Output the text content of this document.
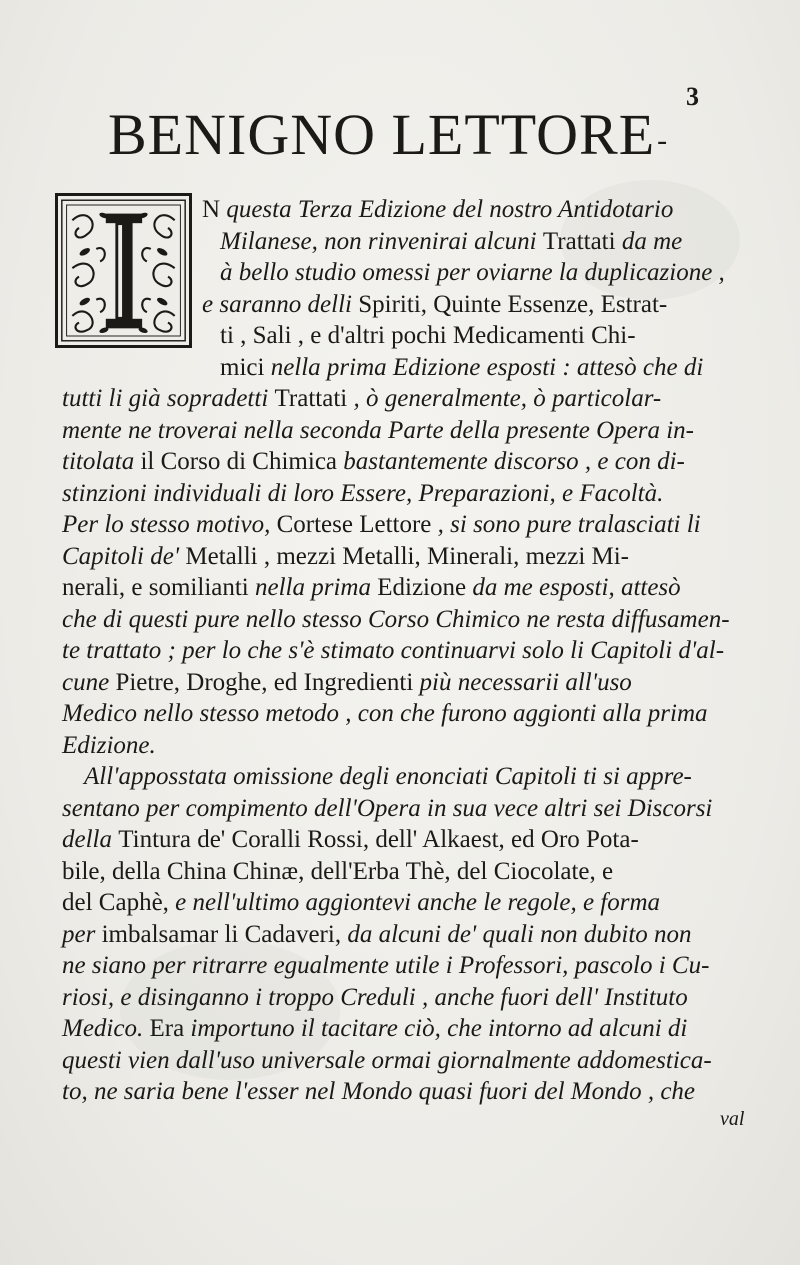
3
BENIGNO LETTORE-
N questa Terza Edizione del nostro Antidotario
Milanese, non rinvenirai alcuni Trattati da me
à bello studio omessi per oviarne la duplicazione ,
e saranno delli Spiriti, Quinte Essenze, Estrat-
ti , Sali , e d'altri pochi Medicamenti Chi-
mici nella prima Edizione esposti : attesò che di
tutti li già sopradetti Trattati , ò generalmente, ò particolar-
mente ne troverai nella seconda Parte della presente Opera in-
titolata il Corso di Chimica bastantemente discorso , e con di-
stinzioni individuali di loro Essere, Preparazioni, e Facoltà.
Per lo stesso motivo, Cortese Lettore , si sono pure tralasciati li
Capitoli de' Metalli , mezzi Metalli, Minerali, mezzi Mi-
nerali, e somilianti nella prima Edizione da me esposti, attesò
che di questi pure nello stesso Corso Chimico ne resta diffusamen-
te trattato ; per lo che s'è stimato continuarvi solo li Capitoli d'al-
cune Pietre, Droghe, ed Ingredienti più necessarii all'uso
Medico nello stesso metodo , con che furono aggionti alla prima
Edizione.
All'apposstata omissione degli enonciati Capitoli ti si appre-
sentano per compimento dell'Opera in sua vece altri sei Discorsi
della Tintura de' Coralli Rossi, dell' Alkaest, ed Oro Pota-
bile, della China Chinæ, dell'Erba Thè, del Ciocolate, e
del Caphè, e nell'ultimo aggiontevi anche le regole, e forma
per imbalsamar li Cadaveri, da alcuni de' quali non dubito non
ne siano per ritrarre egualmente utile i Professori, pascolo i Cu-
riosi, e disinganno i troppo Creduli , anche fuori dell' Instituto
Medico. Era importuno il tacitare ciò, che intorno ad alcuni di
questi vien dall'uso universale ormai giornalmente addomestica-
to, ne saria bene l'esser nel Mondo quasi fuori del Mondo , che
val
